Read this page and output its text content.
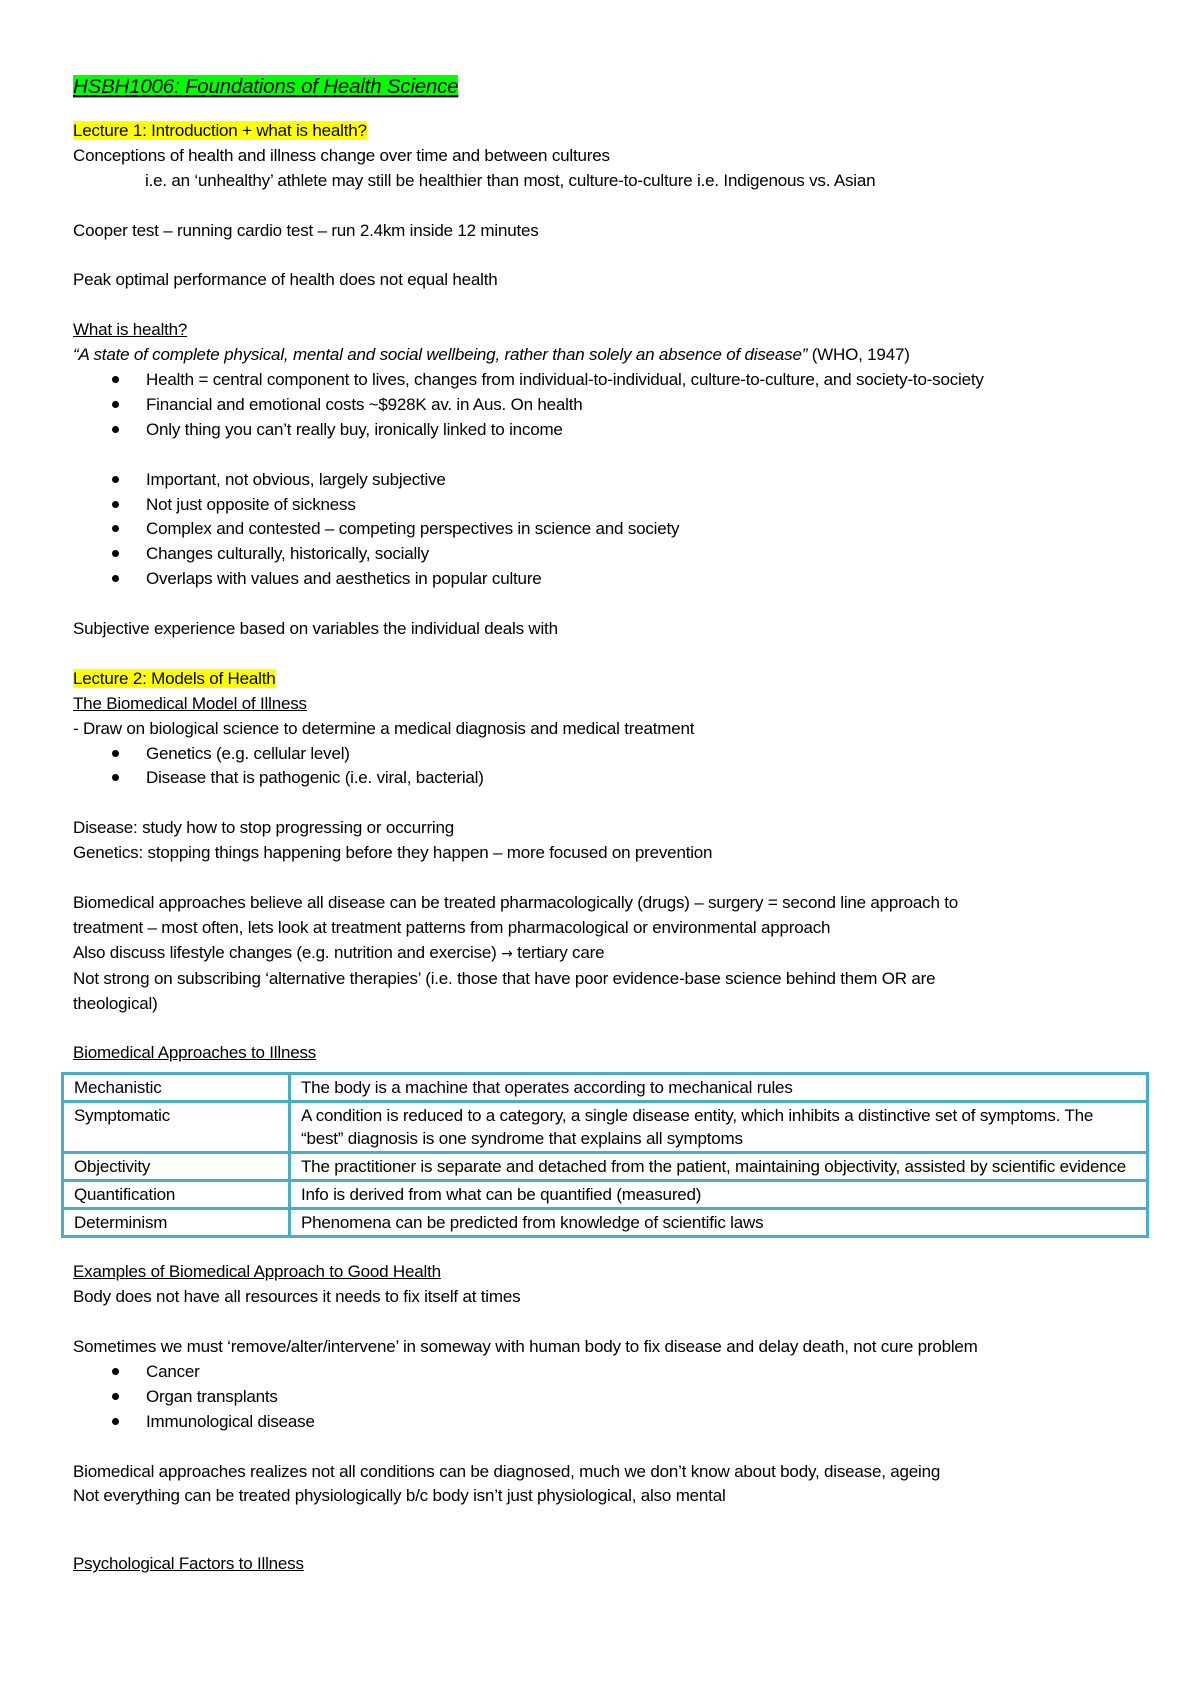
HSBH1006: Foundations of Health Science
Lecture 1: Introduction + what is health?
Conceptions of health and illness change over time and between cultures
i.e. an ‘unhealthy’ athlete may still be healthier than most, culture-to-culture i.e. Indigenous vs. Asian
Cooper test – running cardio test – run 2.4km inside 12 minutes
Peak optimal performance of health does not equal health
What is health?
“A state of complete physical, mental and social wellbeing, rather than solely an absence of disease” (WHO, 1947)
Health = central component to lives, changes from individual-to-individual, culture-to-culture, and society-to-society
Financial and emotional costs ~$928K av. in Aus. On health
Only thing you can’t really buy, ironically linked to income
Important, not obvious, largely subjective
Not just opposite of sickness
Complex and contested – competing perspectives in science and society
Changes culturally, historically, socially
Overlaps with values and aesthetics in popular culture
Subjective experience based on variables the individual deals with
Lecture 2: Models of Health
The Biomedical Model of Illness
- Draw on biological science to determine a medical diagnosis and medical treatment
Genetics (e.g. cellular level)
Disease that is pathogenic (i.e. viral, bacterial)
Disease: study how to stop progressing or occurring
Genetics: stopping things happening before they happen – more focused on prevention
Biomedical approaches believe all disease can be treated pharmacologically (drugs) – surgery = second line approach to
treatment – most often, lets look at treatment patterns from pharmacological or environmental approach
Also discuss lifestyle changes (e.g. nutrition and exercise) → tertiary care
Not strong on subscribing ‘alternative therapies’ (i.e. those that have poor evidence-base science behind them OR are
theological)
Biomedical Approaches to Illness
Mechanistic	The body is a machine that operates according to mechanical rules
Symptomatic	A condition is reduced to a category, a single disease entity, which inhibits a distinctive set of symptoms. The “best” diagnosis is one syndrome that explains all symptoms
Objectivity	The practitioner is separate and detached from the patient, maintaining objectivity, assisted by scientific evidence
Quantification	Info is derived from what can be quantified (measured)
Determinism	Phenomena can be predicted from knowledge of scientific laws
Examples of Biomedical Approach to Good Health
Body does not have all resources it needs to fix itself at times
Sometimes we must ‘remove/alter/intervene’ in someway with human body to fix disease and delay death, not cure problem
Cancer
Organ transplants
Immunological disease
Biomedical approaches realizes not all conditions can be diagnosed, much we don’t know about body, disease, ageing
Not everything can be treated physiologically b/c body isn’t just physiological, also mental
Psychological Factors to Illness
